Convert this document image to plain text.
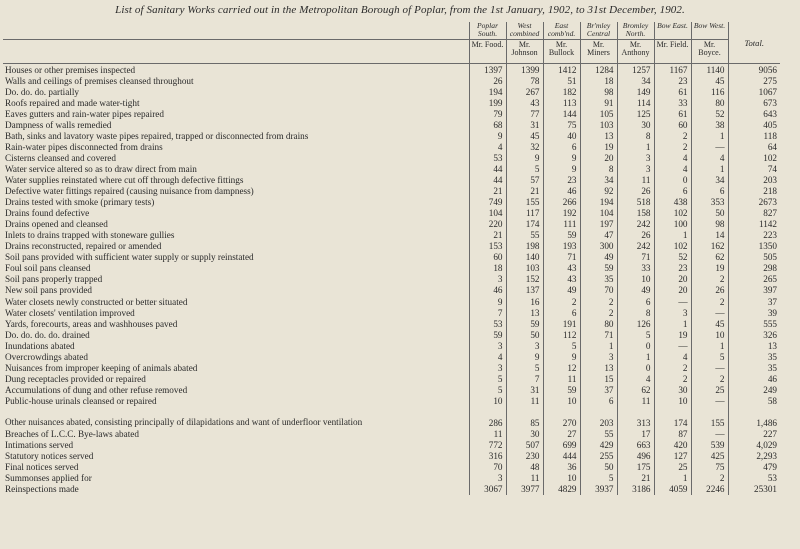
List of Sanitary Works carried out in the Metropolitan Borough of Poplar, from the 1st January, 1902, to 31st December, 1902.
	Poplar South.	West combined	East comb'nd.	Br'mley Central	Bromley North.	Bow East.	Bow West.	Total.
	Mr. Food.	Mr. Johnson	Mr. Bullock	Mr. Miners	Mr. Anthony	Mr. Field.	Mr. Boyce.	
Houses or other premises inspected	1397	1399	1412	1284	1257	1167	1140	9056
Walls and ceilings of premises cleansed throughout	26	78	51	18	34	23	45	275
Do. do. do. partially	194	267	182	98	149	61	116	1067
Roofs repaired and made water-tight	199	43	113	91	114	33	80	673
Eaves gutters and rain-water pipes repaired	79	77	144	105	125	61	52	643
Dampness of walls remedied	68	31	75	103	30	60	38	405
Bath, sinks and lavatory waste pipes repaired, trapped or disconnected from drains	9	45	40	13	8	2	1	118
Rain-water pipes disconnected from drains	4	32	6	19	1	2	—	64
Cisterns cleansed and covered	53	9	9	20	3	4	4	102
Water service altered so as to draw direct from main	44	5	9	8	3	4	1	74
Water supplies reinstated where cut off through defective fittings	44	57	23	34	11	0	34	203
Defective water fittings repaired (causing nuisance from dampness)	21	21	46	92	26	6	6	218
Drains tested with smoke (primary tests)	749	155	266	194	518	438	353	2673
Drains found defective	104	117	192	104	158	102	50	827
Drains opened and cleansed	220	174	111	197	242	100	98	1142
Inlets to drains trapped with stoneware gullies	21	55	59	47	26	1	14	223
Drains reconstructed, repaired or amended	153	198	193	300	242	102	162	1350
Soil pans provided with sufficient water supply or supply reinstated	60	140	71	49	71	52	62	505
Foul soil pans cleansed	18	103	43	59	33	23	19	298
Soil pans properly trapped	3	152	43	35	10	20	2	265
New soil pans provided	46	137	49	70	49	20	26	397
Water closets newly constructed or better situated	9	16	2	2	6	—	2	37
Water closets' ventilation improved	7	13	6	2	8	3	—	39
Yards, forecourts, areas and washhouses paved	53	59	191	80	126	1	45	555
Do. do. do. do. drained	59	50	112	71	5	19	10	326
Inundations abated	3	3	5	1	0	—	1	13
Overcrowdings abated	4	9	9	3	1	4	5	35
Nuisances from improper keeping of animals abated	3	5	12	13	0	2	—	35
Dung receptacles provided or repaired	5	7	11	15	4	2	2	46
Accumulations of dung and other refuse removed	5	31	59	37	62	30	25	249
Public-house urinals cleansed or repaired	10	11	10	6	11	10	—	58
Other nuisances abated, consisting principally of dilapidations and want of underfloor ventilation	286	85	270	203	313	174	155	1,486
Breaches of L.C.C. Bye-laws abated	11	30	27	55	17	87	—	227
Intimations served	772	507	699	429	663	420	539	4,029
Statutory notices served	316	230	444	255	496	127	425	2,293
Final notices served	70	48	36	50	175	25	75	479
Summonses applied for	3	11	10	5	21	1	2	53
Reinspections made	3067	3977	4829	3937	3186	4059	2246	25301
